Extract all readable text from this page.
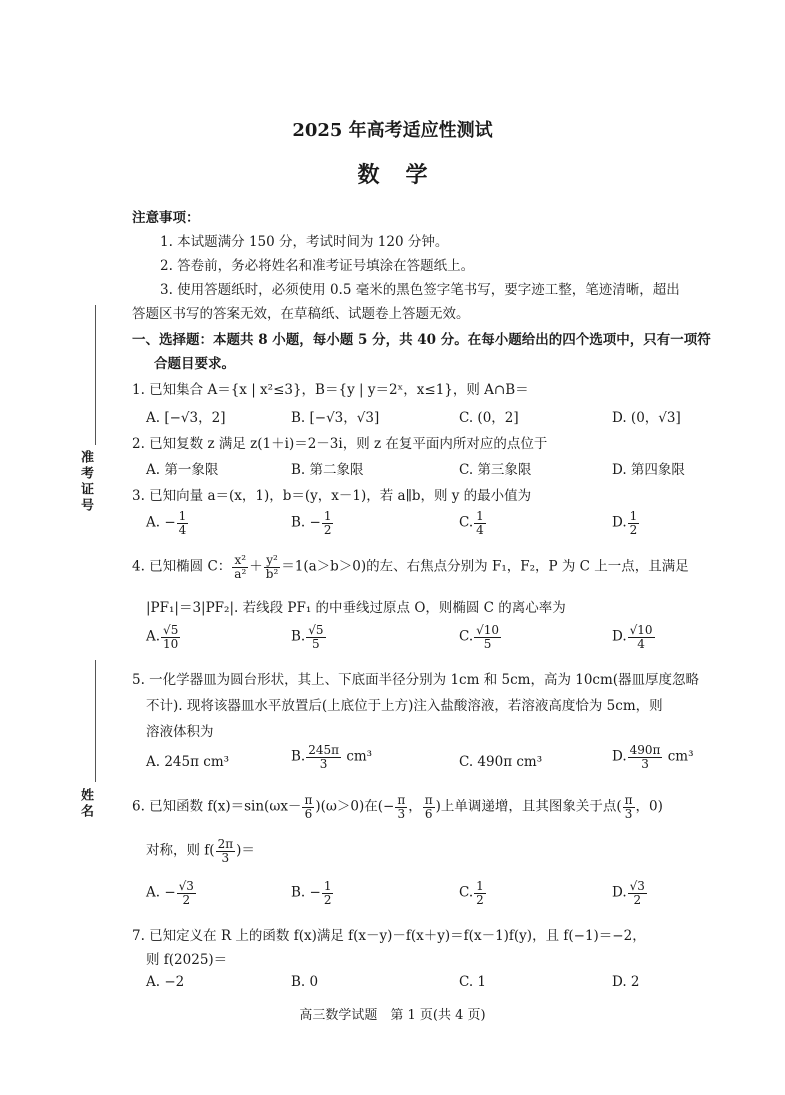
2025 年高考适应性测试
数学
注意事项：
1. 本试题满分 150 分，考试时间为 120 分钟。
2. 答卷前，务必将姓名和准考证号填涂在答题纸上。
3. 使用答题纸时，必须使用 0.5 毫米的黑色签字笔书写，要字迹工整，笔迹清晰，超出
答题区书写的答案无效，在草稿纸、试题卷上答题无效。
一、选择题：本题共 8 小题，每小题 5 分，共 40 分。在每小题给出的四个选项中，只有一项符
合题目要求。
准考证号
姓名
1. 已知集合 A＝{x | x²≤3}，B＝{y | y＝2ˣ，x≤1}，则 A∩B＝
A. [−√3，2]	B. [−√3，√3]	C. (0，2]	D. (0，√3]
2. 已知复数 z 满足 z(1＋i)＝2－3i，则 z 在复平面内所对应的点位于
A. 第一象限	B. 第二象限	C. 第三象限	D. 第四象限
3. 已知向量 a＝(x，1)，b＝(y，x－1)，若 a∥b，则 y 的最小值为
A. − $\frac{1}{4}$	B. − $\frac{1}{2}$	C. $\frac{1}{4}$	D. $\frac{1}{2}$
4. 已知椭圆 C： $\frac{\text{x²}}{\text{a²}} + \frac{\text{y²}}{\text{b²}} =1(a>b>0)$的左、右焦点分别为 F₁，F₂，P 为 C 上一点，且满足
|PF₁|＝3|PF₂|. 若线段 PF₁ 的中垂线过原点 O，则椭圆 C 的离心率为
A. $\frac{√5}{10}$	B. $\frac{√5}{5}$	C. $\frac{√10}{5}$	D. $\frac{√10}{4}$
5. 一化学器皿为圆台形状，其上、下底面半径分别为 1cm 和 5cm，高为 10cm(器皿厚度忽略
不计). 现将该器皿水平放置后(上底位于上方)注入盐酸溶液，若溶液高度恰为 5cm，则
溶液体积为
A. 245π cm³	B. $\frac{245\pi}{3} cm^3$	C. 490π cm³	D. $\frac{490\pi}{3} cm^3$
6. 已知函数 $f(x)=\sin(\omega x- \frac{\pi}{6} )(\omega>0)$在(− $\frac{\pi}{3}$ ， $\frac{\pi}{6}$ )上单调递增，且其图象关于点( $\frac{\pi}{3}$ ，0)
对称，则 $f( \frac{2\pi}{3}$ )＝
A. − $\frac{√3}{2}$	B. − $\frac{1}{2}$	C. $\frac{1}{2}$	D. $\frac{√3}{2}$
7. 已知定义在 R 上的函数 f(x)满足 f(x－y)－f(x＋y)＝f(x－1)f(y)，且 f(−1)＝−2，
则 f(2025)＝
A. −2	B. 0	C. 1	D. 2
高三数学试题　第 1 页(共 4 页)
